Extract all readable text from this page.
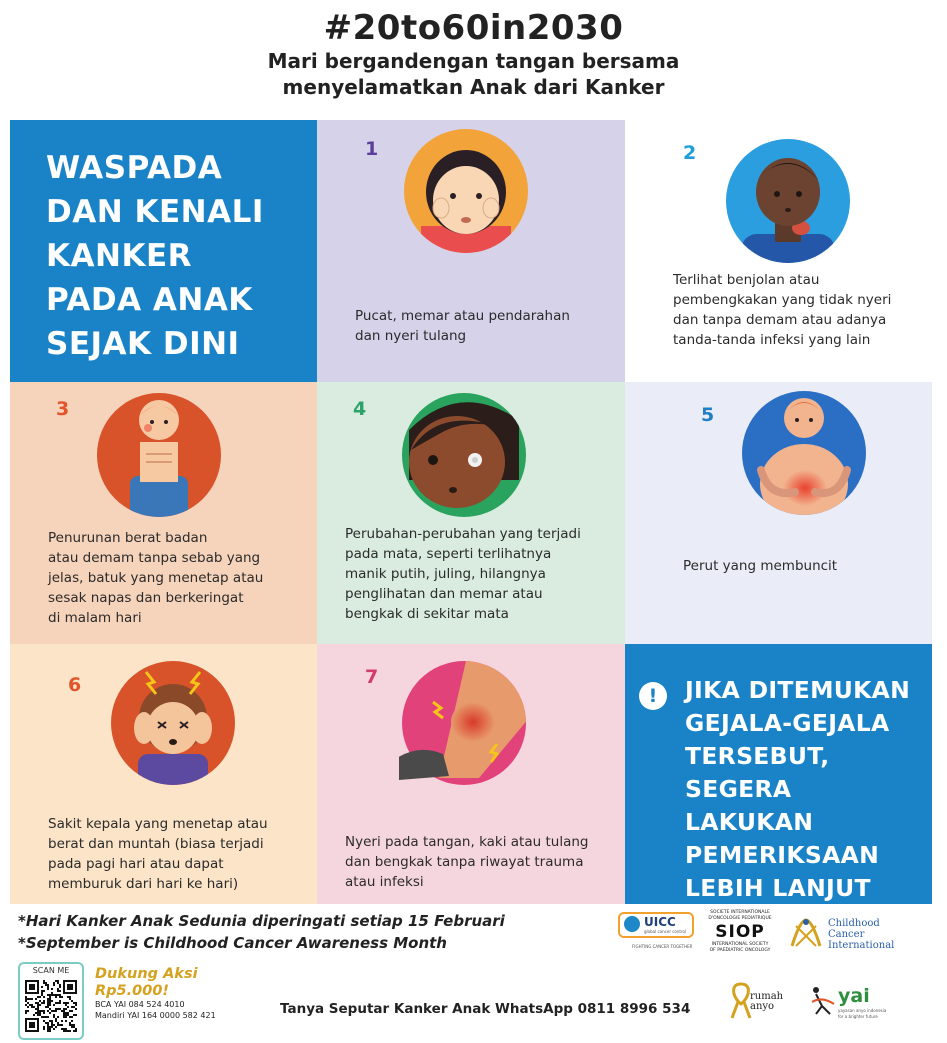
#20to60in2030
Mari bergandengan tangan bersama
menyelamatkan Anak dari Kanker
WASPADA
DAN KENALI
KANKER
PADA ANAK
SEJAK DINI
1
Pucat, memar atau pendarahan
dan nyeri tulang
2
Terlihat benjolan atau
pembengkakan yang tidak nyeri
dan tanpa demam atau adanya
tanda-tanda infeksi yang lain
3
Penurunan berat badan
atau demam tanpa sebab yang
jelas, batuk yang menetap atau
sesak napas dan berkeringat
di malam hari
4
Perubahan-perubahan yang terjadi
pada mata, seperti terlihatnya
manik putih, juling, hilangnya
penglihatan dan memar atau
bengkak di sekitar mata
5
Perut yang membuncit
6
Sakit kepala yang menetap atau
berat dan muntah (biasa terjadi
pada pagi hari atau dapat
memburuk dari hari ke hari)
7
Nyeri pada tangan, kaki atau tulang
dan bengkak tanpa riwayat trauma
atau infeksi
!	JIKA DITEMUKAN
GEJALA-GEJALA
TERSEBUT,
SEGERA LAKUKAN
PEMERIKSAAN
LEBIH LANJUT
*Hari Kanker Anak Sedunia diperingati setiap 15 Februari
*September is Childhood Cancer Awareness Month
UICC
global cancer control
FIGHTING CANCER TOGETHER
SOCIETE INTERNATIONALE
D'ONCOLOGIE PEDIATRIQUE
SIOP
INTERNATIONAL SOCIETY
OF PAEDIATRIC ONCOLOGY
Childhood
Cancer
International
SCAN ME	Dukung Aksi
Rp5.000!
BCA YAI 084 524 4010
Mandiri YAI 164 0000 582 421	Tanya Seputar Kanker Anak WhatsApp 0811 8996 534
rumah
anyo	yai
yayasan anyo indonesia
for a brighter future
